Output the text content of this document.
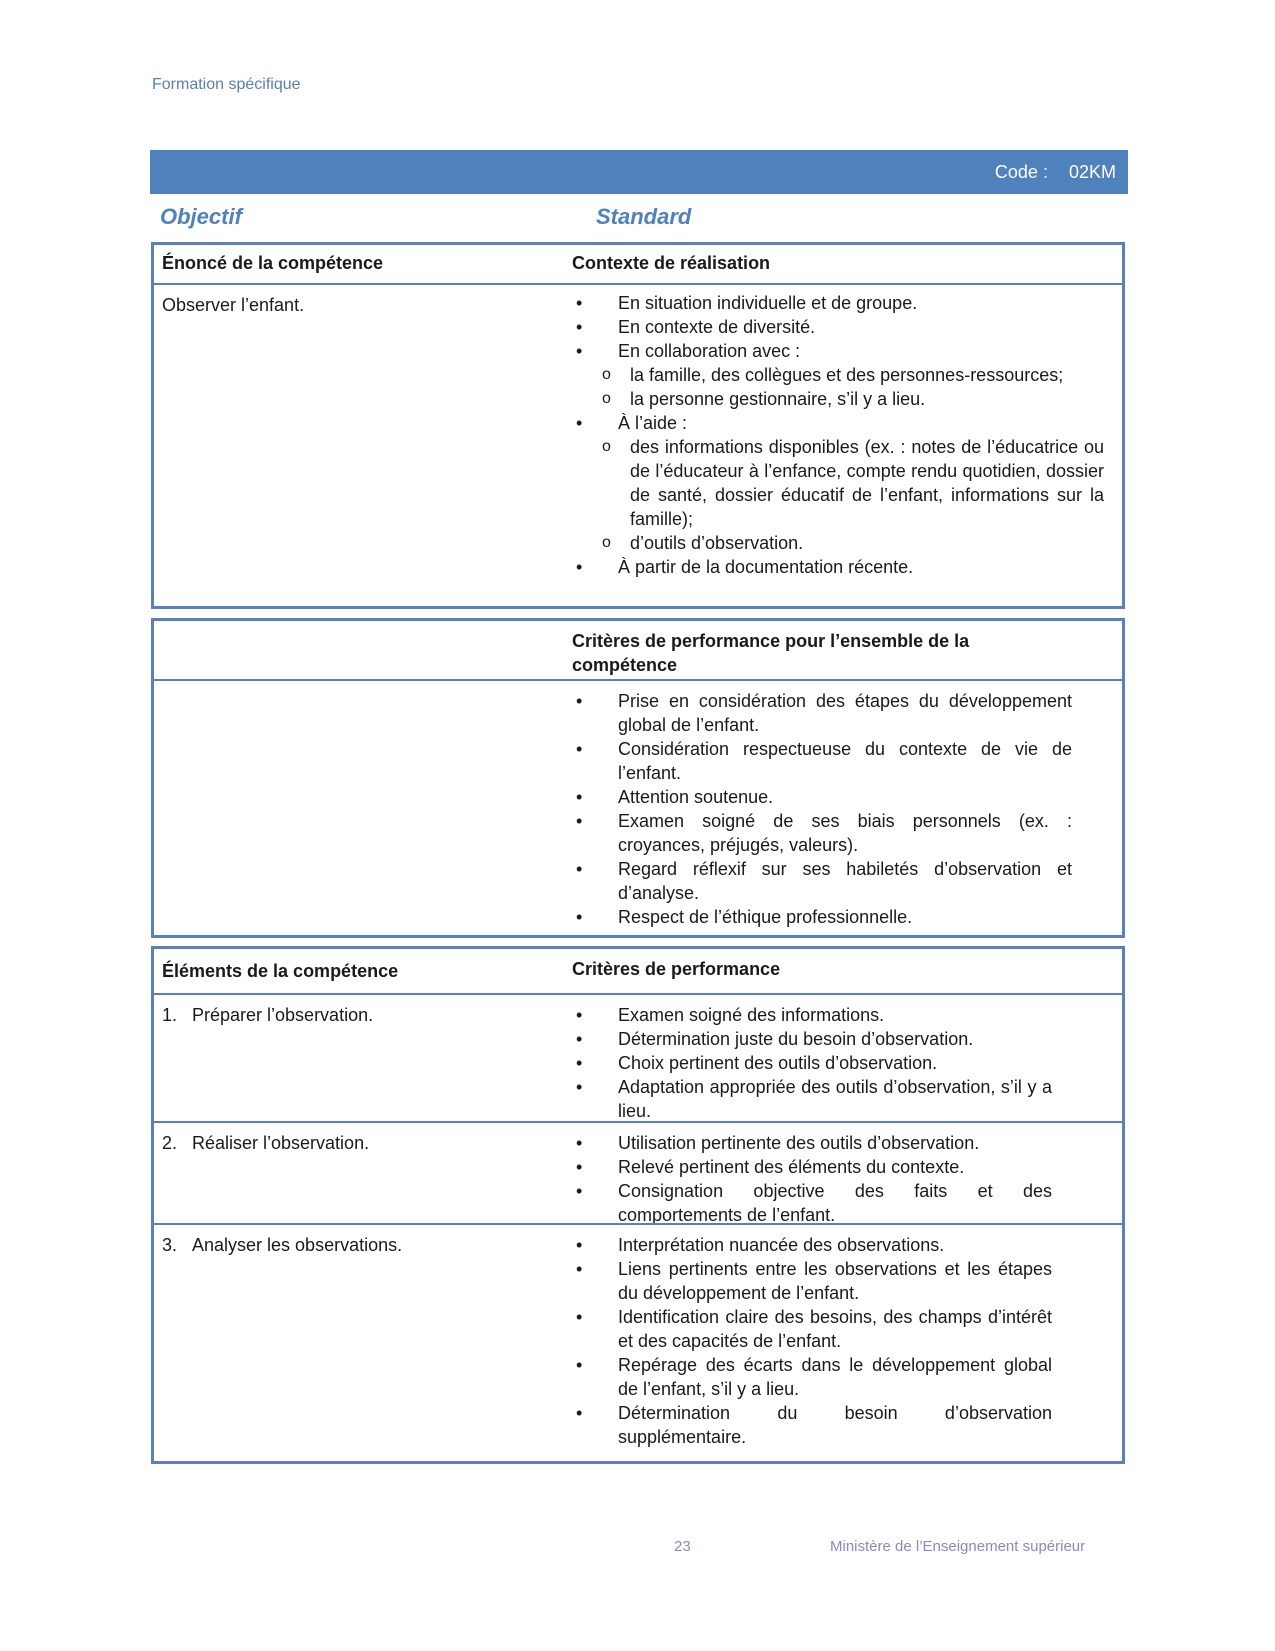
Formation spécifique
Code : 02KM
Objectif	Standard
Énoncé de la compétence	Contexte de réalisation
Observer l’enfant.	• En situation individuelle et de groupe.
• En contexte de diversité.
• En collaboration avec :
o la famille, des collègues et des personnes-ressources;
o la personne gestionnaire, s’il y a lieu.
• À l’aide :
o des informations disponibles (ex. : notes de l’éducatrice ou de l’éducateur à l’enfance, compte rendu quotidien, dossier de santé, dossier éducatif de l’enfant, informations sur la famille);
o d’outils d’observation.
• À partir de la documentation récente.
Critères de performance pour l’ensemble de la compétence
• Prise en considération des étapes du développement global de l’enfant.
• Considération respectueuse du contexte de vie de l’enfant.
• Attention soutenue.
• Examen soigné de ses biais personnels (ex. : croyances, préjugés, valeurs).
• Regard réflexif sur ses habiletés d’observation et d’analyse.
• Respect de l’éthique professionnelle.
Éléments de la compétence	Critères de performance
1. Préparer l’observation.	• Examen soigné des informations.
• Détermination juste du besoin d’observation.
• Choix pertinent des outils d’observation.
• Adaptation appropriée des outils d’observation, s’il y a lieu.
2. Réaliser l’observation.	• Utilisation pertinente des outils d’observation.
• Relevé pertinent des éléments du contexte.
• Consignation objective des faits et des comportements de l’enfant.
3. Analyser les observations.	• Interprétation nuancée des observations.
• Liens pertinents entre les observations et les étapes du développement de l’enfant.
• Identification claire des besoins, des champs d’intérêt et des capacités de l’enfant.
• Repérage des écarts dans le développement global de l’enfant, s’il y a lieu.
• Détermination du besoin d’observation supplémentaire.
23	Ministère de l’Enseignement supérieur
